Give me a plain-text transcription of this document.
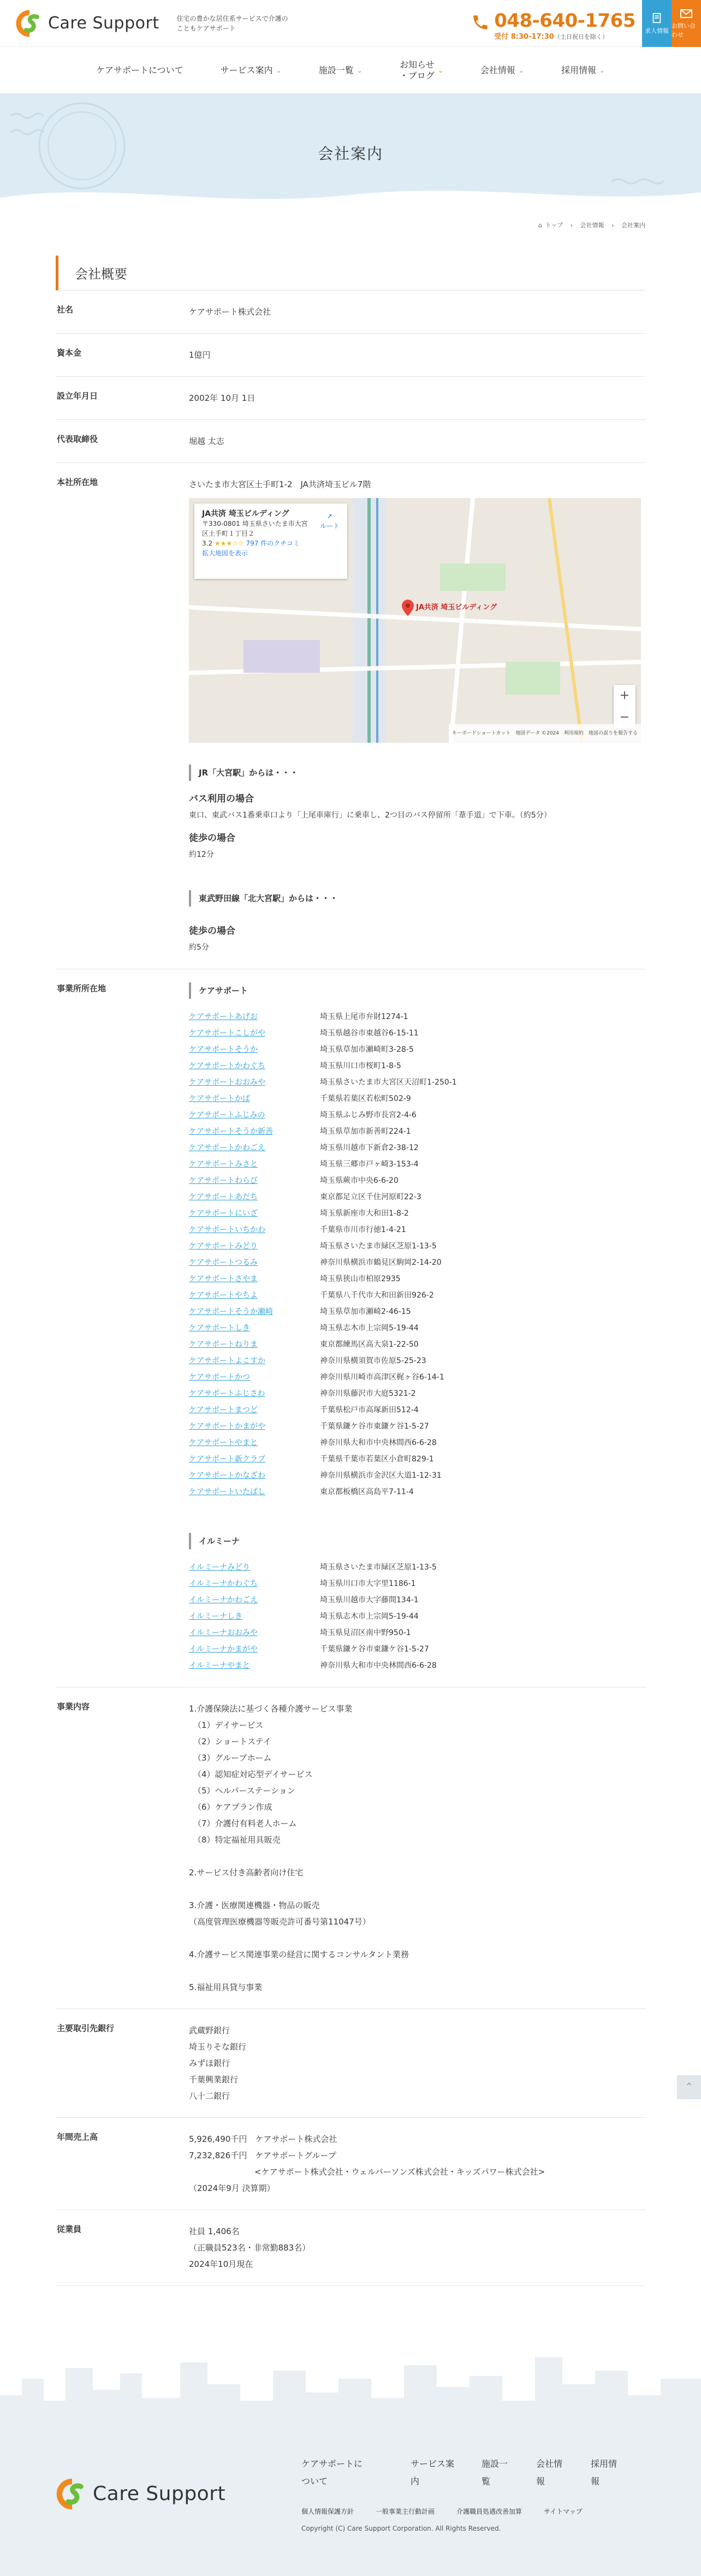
Care Support	住宅の豊かな居住系サービスで介護のこともケアサポート	048-640-1765
受付 8:30-17:30（土日祝日を除く）
求人情報
お問い合わせ
ケアサポートについて	サービス案内 ⌄	施設一覧 ⌄
お知らせ
・ブログ ⌄	会社情報 ⌄	採用情報 ⌄
会社案内
⌂ トップ › 会社情報 › 会社案内
会社概要
社名	ケアサポート株式会社
資本金	1億円
設立年月日	2002年 10月 1日
代表取締役	堀越 太志
本社所在地	さいたま市大宮区土手町1-2　JA共済埼玉ビル7階
JA共済 埼玉ビルディング
〒330-0801 埼玉県さいたま市大宮区土手町１丁目２
➚
ルート
3.2 ★★★☆☆ 797 件のクチコミ
拡大地図を表示
JA共済 埼玉ビルディング
+
−
キーボードショートカット　地図データ ©2024　利用規約　地図の誤りを報告する
JR「大宮駅」からは・・・
バス利用の場合
東口、東武バス1番乗車口より「上尾車庫行」に乗車し、2つ目のバス停留所「葦手道」で下車。（約5分）
徒歩の場合
約12分
東武野田線「北大宮駅」からは・・・
徒歩の場合
約5分
事業所所在地	ケアサポート
ケアサポートあげお	埼玉県上尾市弁財1274-1
ケアサポートこしがや	埼玉県越谷市東越谷6-15-11
ケアサポートそうか	埼玉県草加市瀬崎町3-28-5
ケアサポートかわぐち	埼玉県川口市桜町1-8-5
ケアサポートおおみや	埼玉県さいたま市大宮区天沼町1-250-1
ケアサポートかば	千葉県若葉区若松町502-9
ケアサポートふじみの	埼玉県ふじみ野市長宮2-4-6
ケアサポートそうか新善	埼玉県草加市新善町224-1
ケアサポートかわごえ	埼玉県川越市下新倉2-38-12
ケアサポートみさと	埼玉県三郷市戸ヶ崎3-153-4
ケアサポートわらび	埼玉県蕨市中央6-6-20
ケアサポートあだち	東京都足立区千住河原町22-3
ケアサポートにいざ	埼玉県新座市大和田1-8-2
ケアサポートいちかわ	千葉県市川市行徳1-4-21
ケアサポートみどり	埼玉県さいたま市緑区芝原1-13-5
ケアサポートつるみ	神奈川県横浜市鶴見区駒岡2-14-20
ケアサポートさやま	埼玉県狭山市柏原2935
ケアサポートやちよ	千葉県八千代市大和田新田926-2
ケアサポートそうか瀬崎	埼玉県草加市瀬崎2-46-15
ケアサポートしき	埼玉県志木市上宗岡5-19-44
ケアサポートねりま	東京都練馬区高大泉1-22-50
ケアサポートよこすか	神奈川県横須賀市佐原5-25-23
ケアサポートかつ	神奈川県川崎市高津区梶ヶ谷6-14-1
ケアサポートふじさわ	神奈川県藤沢市大庭5321-2
ケアサポートまつど	千葉県松戸市高塚新田512-4
ケアサポートかまがや	千葉県鎌ケ谷市東鎌ケ谷1-5-27
ケアサポートやまと	神奈川県大和市中央林間西6-6-28
ケアサポート新クラブ	千葉県千葉市若葉区小倉町829-1
ケアサポートかなざわ	神奈川県横浜市金沢区大道1-12-31
ケアサポートいたばし	東京都板橋区高島平7-11-4
イルミーナ
イルミーナみどり	埼玉県さいたま市緑区芝原1-13-5
イルミーナかわぐち	埼玉県川口市大字里1186-1
イルミーナかわごえ	埼玉県川越市大字藤間134-1
イルミーナしき	埼玉県志木市上宗岡5-19-44
イルミーナおおみや	埼玉県見沼区南中野950-1
イルミーナかまがや	千葉県鎌ケ谷市東鎌ケ谷1-5-27
イルミーナやまと	神奈川県大和市中央林間西6-6-28
事業内容	1.介護保険法に基づく各種介護サービス事業
（1）デイサービス
（2）ショートステイ
（3）グループホーム
（4）認知症対応型デイサービス
（5）ヘルパーステーション
（6）ケアプラン作成
（7）介護付有料老人ホーム
（8）特定福祉用具販売
2.サービス付き高齢者向け住宅
3.介護・医療関連機器・物品の販売
（高度管理医療機器等販売許可番号第11047号）
4.介護サービス関連事業の経営に関するコンサルタント業務
5.福祉用具貸与事業
主要取引先銀行	武蔵野銀行
埼玉りそな銀行
みずほ銀行
千葉興業銀行
八十二銀行
年間売上高	5,926,490千円　ケアサポート株式会社
7,232,826千円　ケアサポートグループ
　　　　　　　　<ケアサポート株式会社・ウェルパーソンズ株式会社・キッズパワー株式会社>
（2024年9月 決算期）
従業員	社員 1,406名
（正職員523名・非常勤883名）
2024年10月現在
Care Support
ケアサポートについて
サービス案内
施設一覧
会社情報
採用情報
個人情報保護方針	一般事業主行動計画	介護職員処遇改善加算	サイトマップ
Copyright (C) Care Support Corporation. All Rights Reserved.
⌃
